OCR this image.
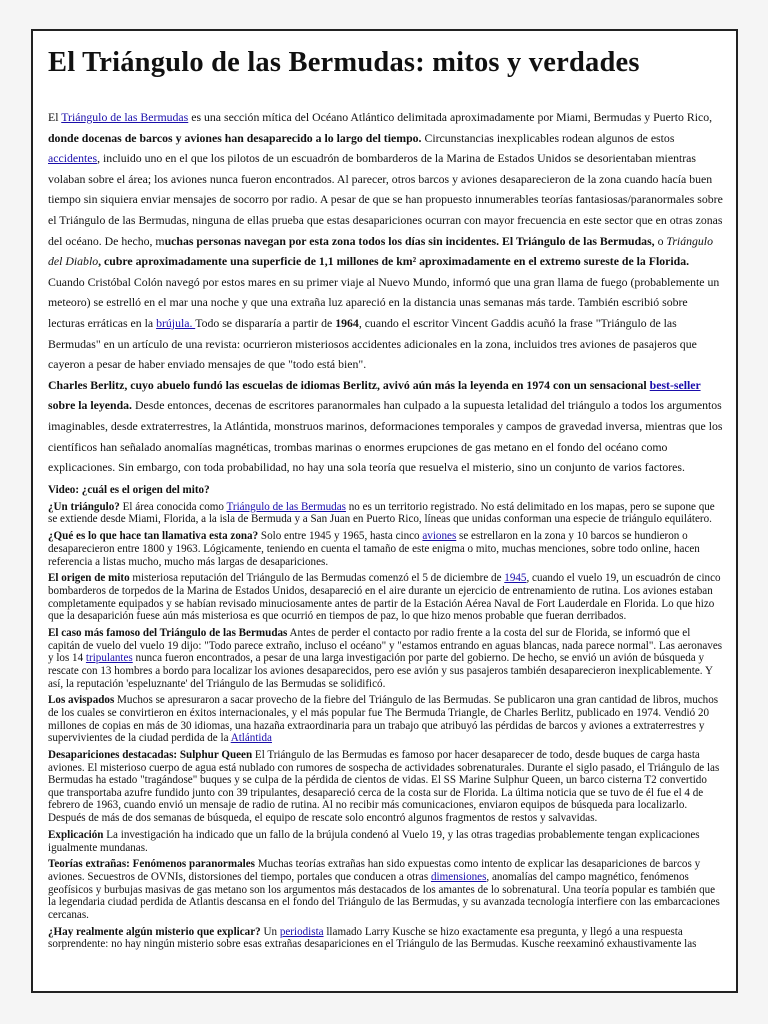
El Triángulo de las Bermudas: mitos y verdades

El Triángulo de las Bermudas es una sección mítica del Océano Atlántico delimitada aproximadamente por Miami, Bermudas y Puerto Rico, donde docenas de barcos y aviones han desaparecido a lo largo del tiempo. Circunstancias inexplicables rodean algunos de estos accidentes, incluido uno en el que los pilotos de un escuadrón de bombarderos de la Marina de Estados Unidos se desorientaban mientras volaban sobre el área; los aviones nunca fueron encontrados. Al parecer, otros barcos y aviones desaparecieron de la zona cuando hacía buen tiempo sin siquiera enviar mensajes de socorro por radio. A pesar de que se han propuesto innumerables teorías fantasiosas/paranormales sobre el Triángulo de las Bermudas, ninguna de ellas prueba que estas desapariciones ocurran con mayor frecuencia en este sector que en otras zonas del océano. De hecho, muchas personas navegan por esta zona todos los días sin incidentes. El Triángulo de las Bermudas, o Triángulo del Diablo, cubre aproximadamente una superficie de 1,1 millones de km² aproximadamente en el extremo sureste de la Florida. Cuando Cristóbal Colón navegó por estos mares en su primer viaje al Nuevo Mundo, informó que una gran llama de fuego (probablemente un meteoro) se estrelló en el mar una noche y que una extraña luz apareció en la distancia unas semanas más tarde. También escribió sobre lecturas erráticas en la brújula. Todo se dispararía a partir de 1964, cuando el escritor Vincent Gaddis acuñó la frase "Triángulo de las Bermudas" en un artículo de una revista: ocurrieron misteriosos accidentes adicionales en la zona, incluidos tres aviones de pasajeros que cayeron a pesar de haber enviado mensajes de que "todo está bien".

Charles Berlitz, cuyo abuelo fundó las escuelas de idiomas Berlitz, avivó aún más la leyenda en 1974 con un sensacional best-seller sobre la leyenda. Desde entonces, decenas de escritores paranormales han culpado a la supuesta letalidad del triángulo a todos los argumentos imaginables, desde extraterrestres, la Atlántida, monstruos marinos, deformaciones temporales y campos de gravedad inversa, mientras que los científicos han señalado anomalías magnéticas, trombas marinas o enormes erupciones de gas metano en el fondo del océano como explicaciones. Sin embargo, con toda probabilidad, no hay una sola teoría que resuelva el misterio, sino un conjunto de varios factores.

Video: ¿cuál es el origen del mito?

¿Un triángulo? El área conocida como Triángulo de las Bermudas no es un territorio registrado. No está delimitado en los mapas, pero se supone que se extiende desde Miami, Florida, a la isla de Bermuda y a San Juan en Puerto Rico, líneas que unidas conforman una especie de triángulo equilátero.

¿Qué es lo que hace tan llamativa esta zona? Solo entre 1945 y 1965, hasta cinco aviones se estrellaron en la zona y 10 barcos se hundieron o desaparecieron entre 1800 y 1963. Lógicamente, teniendo en cuenta el tamaño de este enigma o mito, muchas menciones, sobre todo online, hacen referencia a listas mucho, mucho más largas de desapariciones.

El origen de mito misteriosa reputación del Triángulo de las Bermudas comenzó el 5 de diciembre de 1945, cuando el vuelo 19, un escuadrón de cinco bombarderos de torpedos de la Marina de Estados Unidos, desapareció en el aire durante un ejercicio de entrenamiento de rutina. Los aviones estaban completamente equipados y se habían revisado minuciosamente antes de partir de la Estación Aérea Naval de Fort Lauderdale en Florida. Lo que hizo que la desaparición fuese aún más misteriosa es que ocurrió en tiempos de paz, lo que hizo menos probable que fueran derribados.

El caso más famoso del Triángulo de las Bermudas Antes de perder el contacto por radio frente a la costa del sur de Florida, se informó que el capitán de vuelo del vuelo 19 dijo: "Todo parece extraño, incluso el océano" y "estamos entrando en aguas blancas, nada parece normal". Las aeronaves y los 14 tripulantes nunca fueron encontrados, a pesar de una larga investigación por parte del gobierno. De hecho, se envió un avión de búsqueda y rescate con 13 hombres a bordo para localizar los aviones desaparecidos, pero ese avión y sus pasajeros también desaparecieron inexplicablemente. Y así, la reputación 'espeluznante' del Triángulo de las Bermudas se solidificó.

Los avispados Muchos se apresuraron a sacar provecho de la fiebre del Triángulo de las Bermudas. Se publicaron una gran cantidad de libros, muchos de los cuales se convirtieron en éxitos internacionales, y el más popular fue The Bermuda Triangle, de Charles Berlitz, publicado en 1974. Vendió 20 millones de copias en más de 30 idiomas, una hazaña extraordinaria para un trabajo que atribuyó las pérdidas de barcos y aviones a extraterrestres y supervivientes de la ciudad perdida de la Atlántida

Desapariciones destacadas: Sulphur Queen El Triángulo de las Bermudas es famoso por hacer desaparecer de todo, desde buques de carga hasta aviones. El misterioso cuerpo de agua está nublado con rumores de sospecha de actividades sobrenaturales. Durante el siglo pasado, el Triángulo de las Bermudas ha estado "tragándose" buques y se culpa de la pérdida de cientos de vidas. El SS Marine Sulphur Queen, un barco cisterna T2 convertido que transportaba azufre fundido junto con 39 tripulantes, desapareció cerca de la costa sur de Florida. La última noticia que se tuvo de él fue el 4 de febrero de 1963, cuando envió un mensaje de radio de rutina. Al no recibir más comunicaciones, enviaron equipos de búsqueda para localizarlo. Después de más de dos semanas de búsqueda, el equipo de rescate solo encontró algunos fragmentos de restos y salvavidas.

Explicación La investigación ha indicado que un fallo de la brújula condenó al Vuelo 19, y las otras tragedias probablemente tengan explicaciones igualmente mundanas.

Teorías extrañas: Fenómenos paranormales Muchas teorías extrañas han sido expuestas como intento de explicar las desapariciones de barcos y aviones. Secuestros de OVNIs, distorsiones del tiempo, portales que conducen a otras dimensiones, anomalías del campo magnético, fenómenos geofísicos y burbujas masivas de gas metano son los argumentos más destacados de los amantes de lo sobrenatural. Una teoría popular es también que la legendaria ciudad perdida de Atlantis descansa en el fondo del Triángulo de las Bermudas, y su avanzada tecnología interfiere con las embarcaciones cercanas.

¿Hay realmente algún misterio que explicar? Un periodista llamado Larry Kusche se hizo exactamente esa pregunta, y llegó a una respuesta sorprendente: no hay ningún misterio sobre esas extrañas desapariciones en el Triángulo de las Bermudas. Kusche reexaminó exhaustivamente las
